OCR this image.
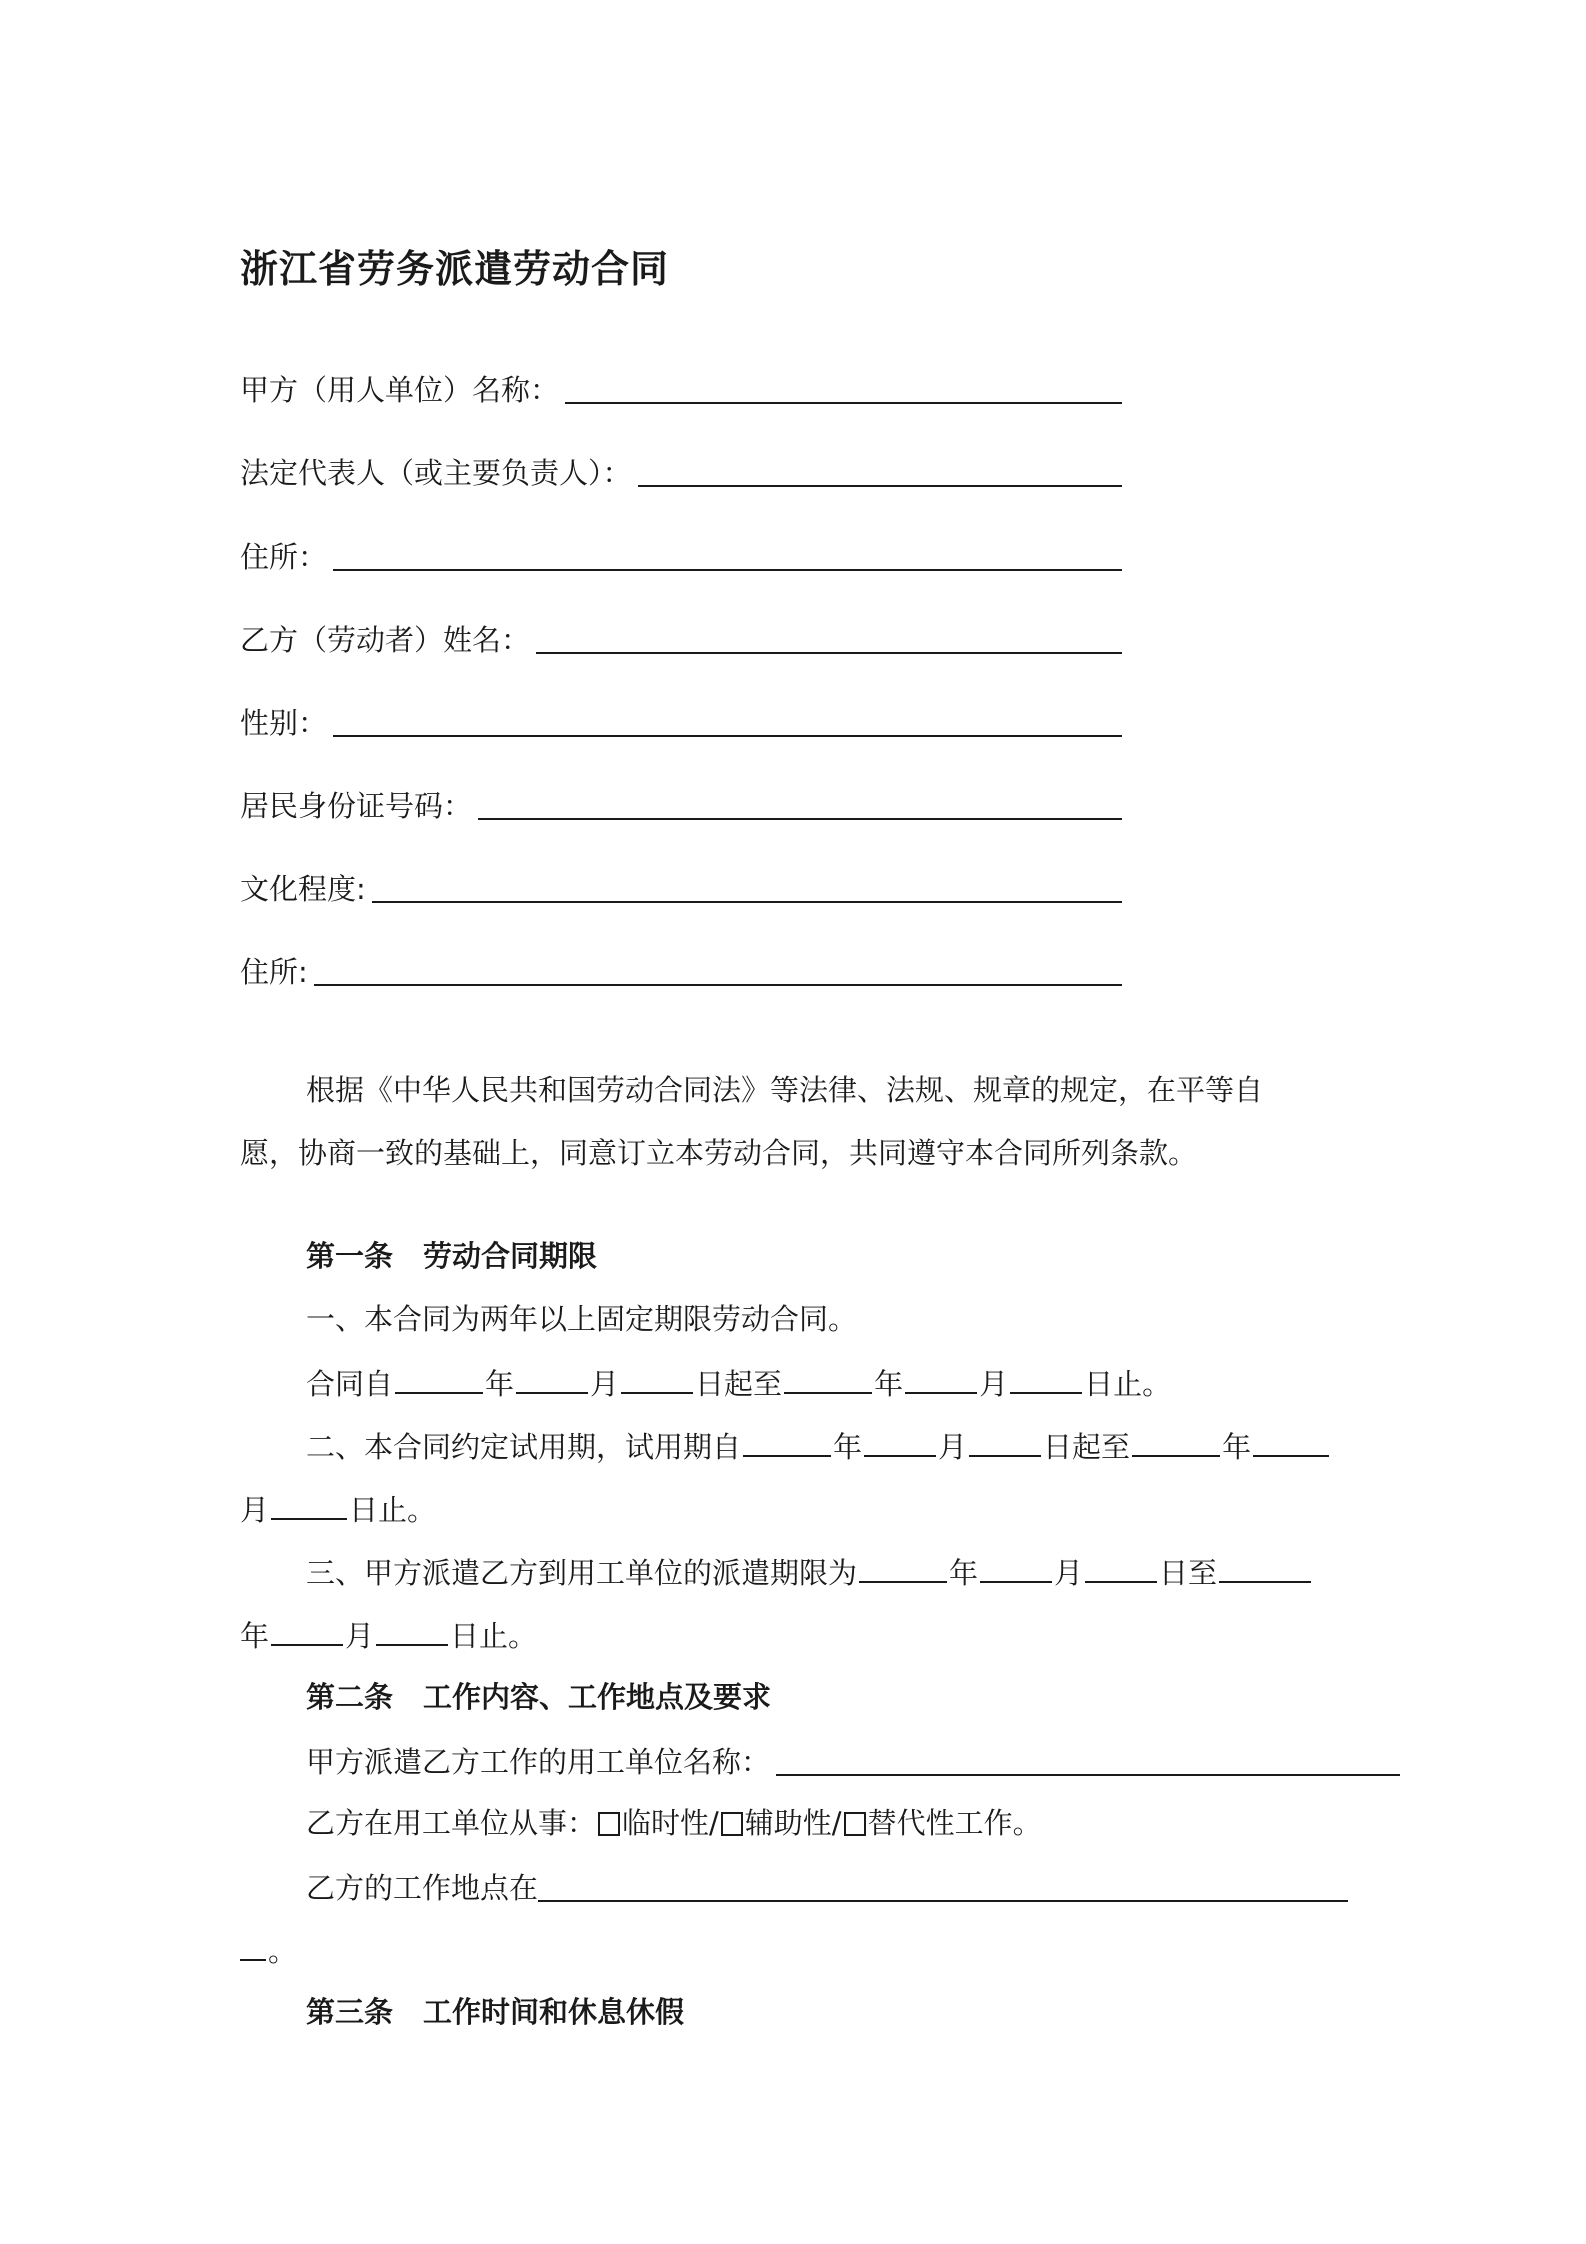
浙江省劳务派遣劳动合同
甲方（用人单位）名称：
法定代表人（或主要负责人）：
住所：
乙方（劳动者）姓名：
性别：
居民身份证号码：
文化程度:
住所:
根据《中华人民共和国劳动合同法》等法律、法规、规章的规定，在平等自
愿，协商一致的基础上，同意订立本劳动合同，共同遵守本合同所列条款。
第一条 劳动合同期限
一、本合同为两年以上固定期限劳动合同。
合同自	年	月	日起至	年	月	日止。
二、本合同约定试用期，试用期自	年	月	日起至	年
月	日止。
三、甲方派遣乙方到用工单位的派遣期限为	年	月	日至
年	月	日止。
第二条 工作内容、工作地点及要求
甲方派遣乙方工作的用工单位名称：
乙方在用工单位从事： 临时性/ 辅助性/ 替代性工作。
乙方的工作地点在
。
第三条 工作时间和休息休假
